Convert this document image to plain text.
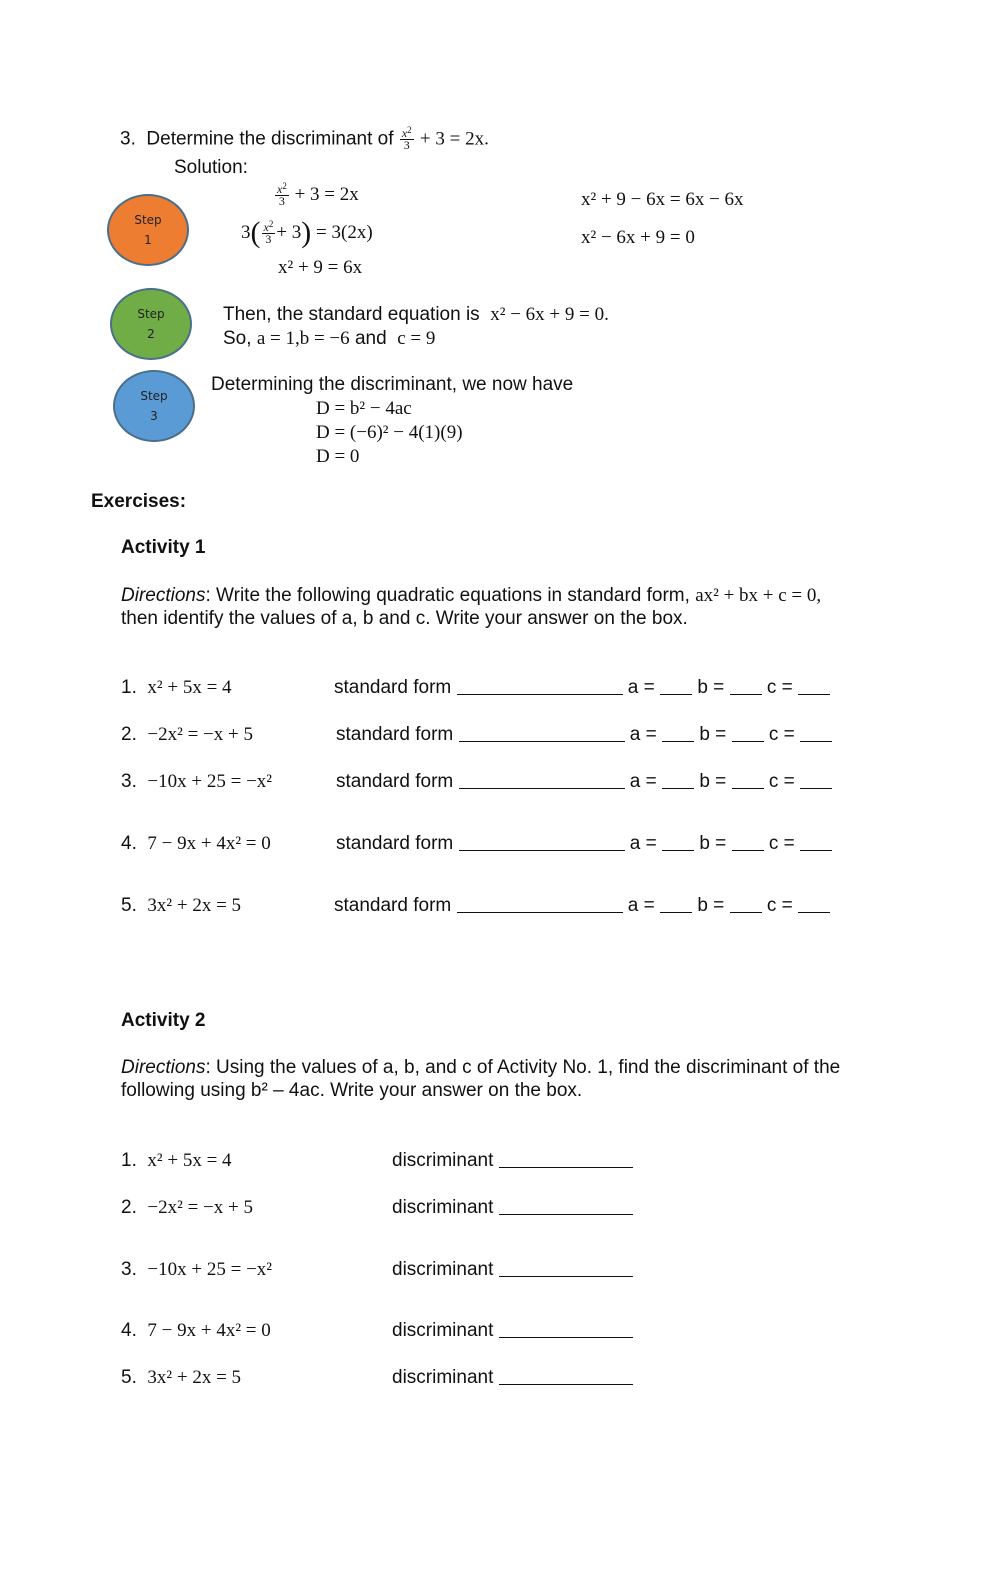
3. Determine the discriminant of $\frac{x^2}{3} + 3 = 2x$.
Solution:
Step
1
Step
2
Step
3
$\frac{x^2}{3} + 3 = 2x$
$3( \frac{x^2}{3} + 3) = 3(2x)$
x² + 9 = 6x
x² + 9 − 6x = 6x − 6x
x² − 6x + 9 = 0
Then, the standard equation is x² − 6x + 9 = 0.
So, a = 1,b = −6 and c = 9
Determining the discriminant, we now have
D = b² − 4ac
D = (−6)² − 4(1)(9)
D = 0
Exercises:
Activity 1
Directions: Write the following quadratic equations in standard form, ax² + bx + c = 0,
then identify the values of a, b and c. Write your answer on the box.
1. x² + 5x = 4	standard form	a = b = c =
2. −2x² = −x + 5	standard form	a = b = c =
3. −10x + 25 = −x²	standard form	a = b = c =
4. 7 − 9x + 4x² = 0	standard form	a = b = c =
5. 3x² + 2x = 5	standard form	a = b = c =
Activity 2
Directions: Using the values of a, b, and c of Activity No. 1, find the discriminant of the
following using b² – 4ac. Write your answer on the box.
1. x² + 5x = 4	discriminant
2. −2x² = −x + 5	discriminant
3. −10x + 25 = −x²	discriminant
4. 7 − 9x + 4x² = 0	discriminant
5. 3x² + 2x = 5	discriminant
